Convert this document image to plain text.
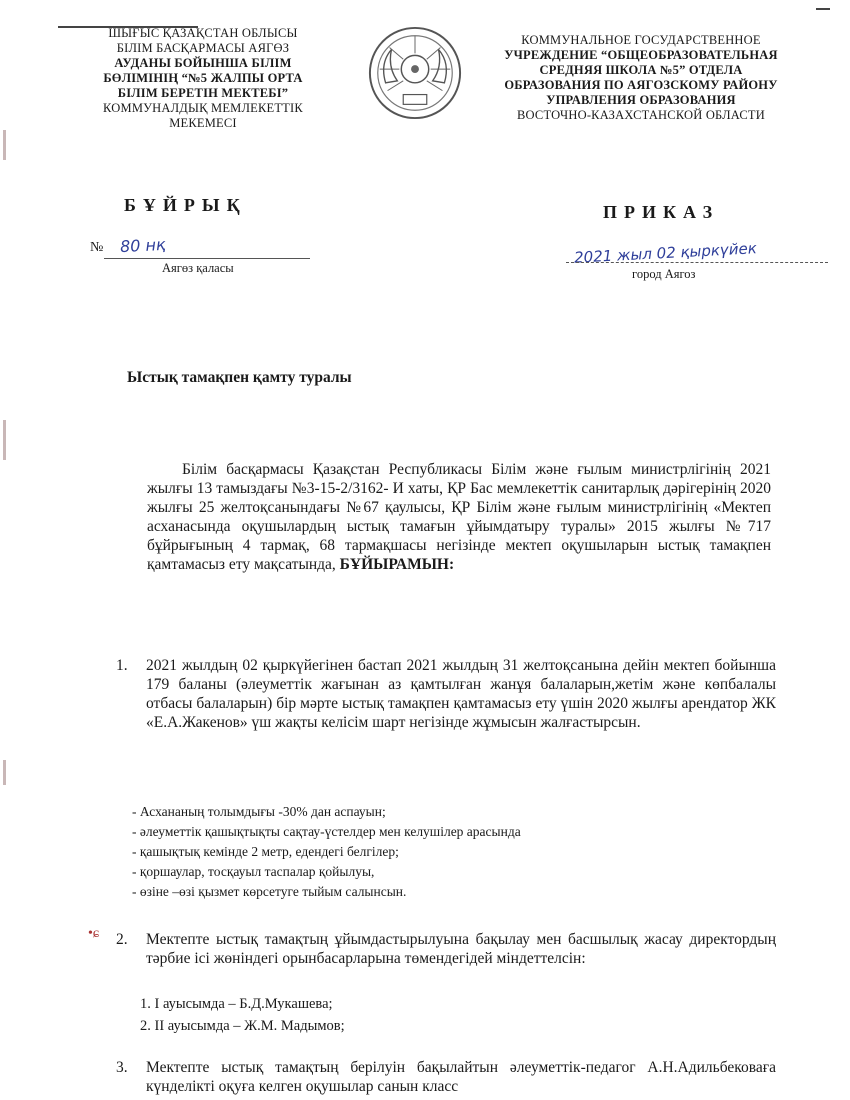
ШЫҒЫС ҚАЗАҚСТАН ОБЛЫСЫ
БІЛІМ БАСҚАРМАСЫ АЯГӨЗ
АУДАНЫ БОЙЫНША БІЛІМ
БӨЛІМІНІҢ “№5 ЖАЛПЫ ОРТА
БІЛІМ БЕРЕТІН МЕКТЕБІ”
КОММУНАЛДЫҚ МЕМЛЕКЕТТІК
МЕКЕМЕСІ
КОММУНАЛЬНОЕ ГОСУДАРСТВЕННОЕ
УЧРЕЖДЕНИЕ “ОБЩЕОБРАЗОВАТЕЛЬНАЯ
СРЕДНЯЯ ШКОЛА №5” ОТДЕЛА
ОБРАЗОВАНИЯ ПО АЯГОЗСКОМУ РАЙОНУ
УПРАВЛЕНИЯ ОБРАЗОВАНИЯ
ВОСТОЧНО-КАЗАХСТАНСКОЙ ОБЛАСТИ
БҰЙРЫҚ	ПРИКАЗ
№ 80 нқ
Аягөз қаласы
2021 жыл 02 қыркүйек
город Аягоз
Ыстық тамақпен қамту туралы

Білім басқармасы Қазақстан Республикасы Білім және ғылым министрлігінің 2021 жылғы 13 тамыздағы №3-15-2/3162- И хаты, ҚР Бас мемлекеттік санитарлық дәрігерінің 2020 жылғы 25 желтоқсанындағы №67 қаулысы, ҚР Білім және ғылым министрлігінің «Мектеп асханасында оқушылардың ыстық тамағын ұйымдатыру туралы» 2015 жылғы №717 бұйрығының 4 тармақ, 68 тармақшасы негізінде мектеп оқушыларын ыстық тамақпен қамтамасыз ету мақсатында, БҰЙЫРАМЫН:

1. 2021 жылдың 02 қыркүйегінен бастап 2021 жылдың 31 желтоқсанына дейін мектеп бойынша 179 баланы (әлеуметтік жағынан аз қамтылған жанұя балаларын,жетім және көпбалалы отбасы балаларын) бір мәрте ыстық тамақпен қамтамасыз ету үшін 2020 жылғы арендатор ЖК «Е.А.Жакенов» үш жақты келісім шарт негізінде жұмысын жалғастырсын.
- Асхананың толымдығы -30% дан аспауын;
- әлеуметтік қашықтықты сақтау-үстелдер мен келушілер арасында
- қашықтық кемінде 2 метр, едендегі белгілер;
- қоршаулар, тосқауыл таспалар қойылуы,
- өзіне –өзі қызмет көрсетуге тыйым салынсын.
•ɕ 2. Мектепте ыстық тамақтың ұйымдастырылуына бақылау мен басшылық жасау директордың тәрбие ісі жөніндегі орынбасарларына төмендегідей міндеттелсін:
1. I ауысымда – Б.Д.Мукашева;
2. II ауысымда – Ж.М. Мадымов;
3. Мектепте ыстық тамақтың берілуін бақылайтын әлеуметтік-педагог А.Н.Адильбековаға күнделікті оқуға келген оқушылар санын класс
